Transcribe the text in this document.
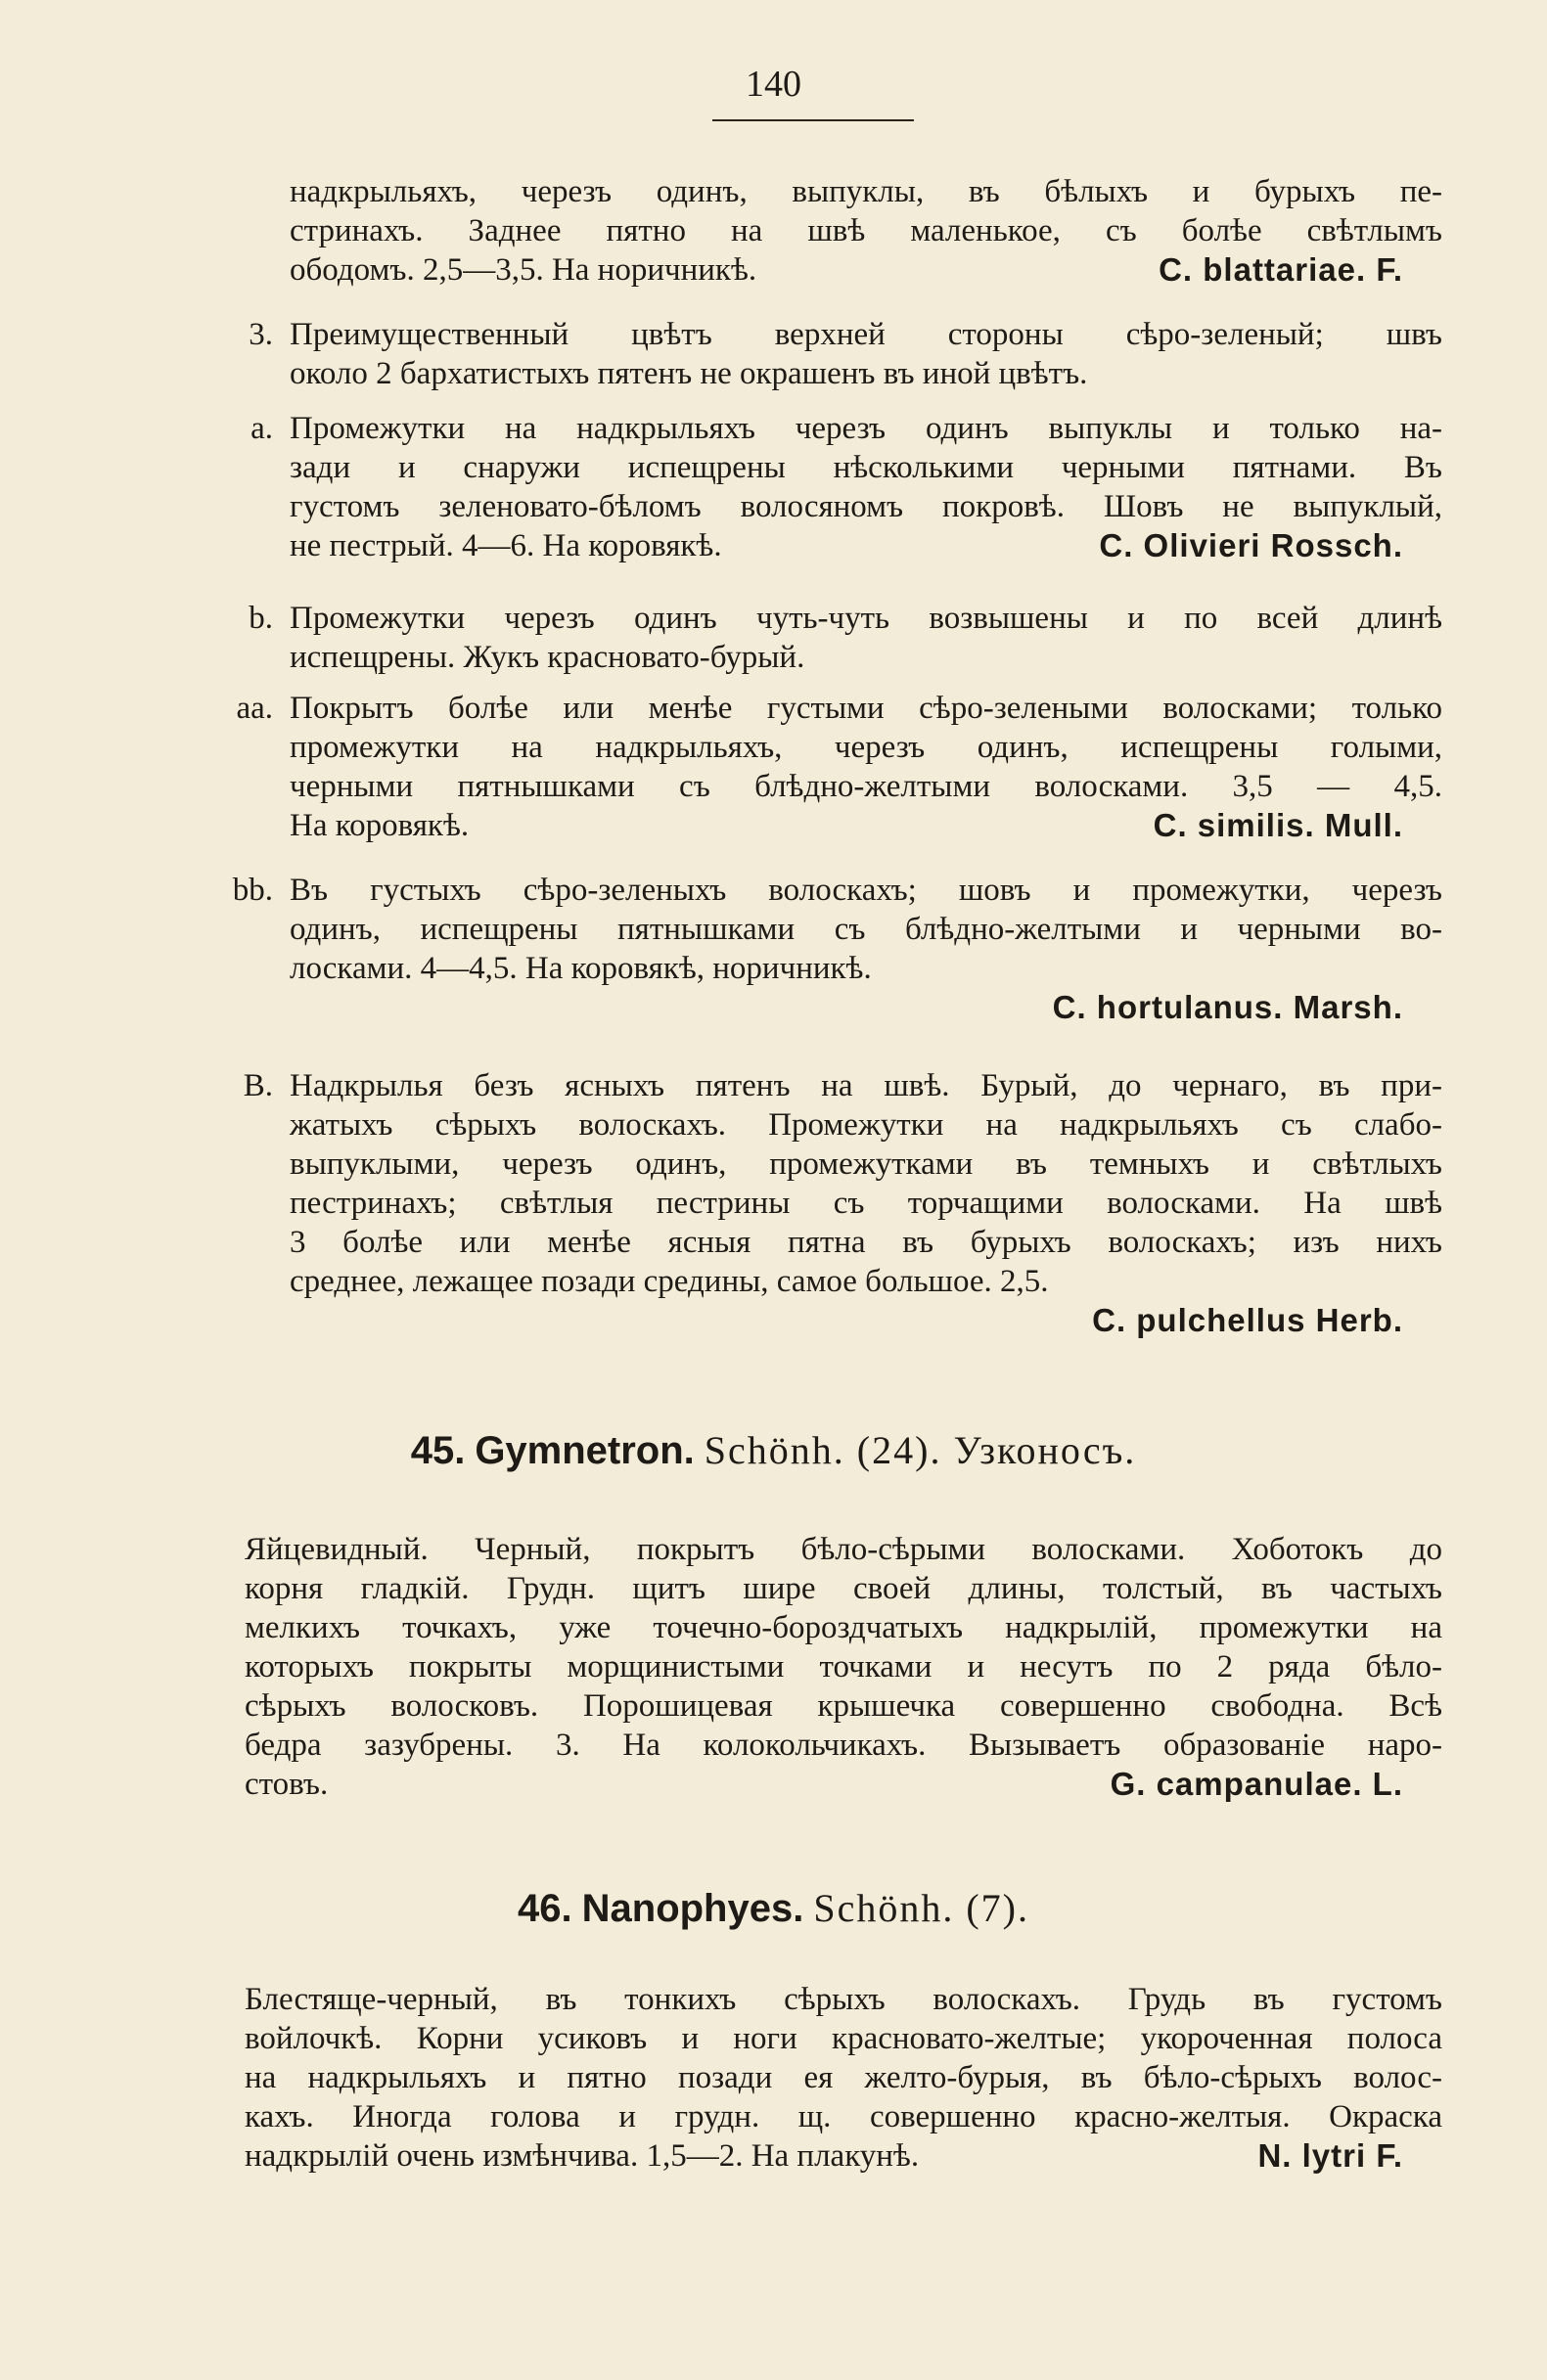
140
надкрыльяхъ, черезъ одинъ, выпуклы, въ бѣлыхъ и бурыхъ пе-
стринахъ. Заднее пятно на швѣ маленькое, съ болѣе свѣтлымъ
ободомъ. 2,5—3,5. На норичникѣ.	C. blattariae. F.
3. Преимущественный цвѣтъ верхней стороны сѣро-зеленый; швъ
около 2 бархатистыхъ пятенъ не окрашенъ въ иной цвѣтъ.
a. Промежутки на надкрыльяхъ черезъ одинъ выпуклы и только на-
зади и снаружи испещрены нѣсколькими черными пятнами. Въ
густомъ зеленовато-бѣломъ волосяномъ покровѣ. Шовъ не выпуклый,
не пестрый. 4—6. На коровякѣ.	C. Olivieri Rossch.
b. Промежутки черезъ одинъ чуть-чуть возвышены и по всей длинѣ
испещрены. Жукъ красновато-бурый.
aa. Покрытъ болѣе или менѣе густыми сѣро-зелеными волосками; только
промежутки на надкрыльяхъ, черезъ одинъ, испещрены голыми,
черными пятнышками съ блѣдно-желтыми волосками. 3,5 — 4,5.
На коровякѣ.	C. similis. Mull.
bb. Въ густыхъ сѣро-зеленыхъ волоскахъ; шовъ и промежутки, черезъ
одинъ, испещрены пятнышками съ блѣдно-желтыми и черными во-
лосками. 4—4,5. На коровякѣ, норичникѣ.
C. hortulanus. Marsh.
B. Надкрылья безъ ясныхъ пятенъ на швѣ. Бурый, до чернаго, въ при-
жатыхъ сѣрыхъ волоскахъ. Промежутки на надкрыльяхъ съ слабо-
выпуклыми, черезъ одинъ, промежутками въ темныхъ и свѣтлыхъ
пестринахъ; свѣтлыя пестрины съ торчащими волосками. На швѣ
3 болѣе или менѣе ясныя пятна въ бурыхъ волоскахъ; изъ нихъ
среднее, лежащее позади средины, самое большое. 2,5.
C. pulchellus Herb.
45. Gymnetron. Schönh. (24). Узконосъ.
Яйцевидный. Черный, покрытъ бѣло-сѣрыми волосками. Хоботокъ до
корня гладкій. Грудн. щитъ шире своей длины, толстый, въ частыхъ
мелкихъ точкахъ, уже точечно-бороздчатыхъ надкрылій, промежутки на
которыхъ покрыты морщинистыми точками и несутъ по 2 ряда бѣло-
сѣрыхъ волосковъ. Порошицевая крышечка совершенно свободна. Всѣ
бедра зазубрены. 3. На колокольчикахъ. Вызываетъ образованіе наро-
стовъ.	G. campanulae. L.
46. Nanophyes. Schönh. (7).
Блестяще-черный, въ тонкихъ сѣрыхъ волоскахъ. Грудь въ густомъ
войлочкѣ. Корни усиковъ и ноги красновато-желтые; укороченная полоса
на надкрыльяхъ и пятно позади ея желто-бурыя, въ бѣло-сѣрыхъ волос-
кахъ. Иногда голова и грудн. щ. совершенно красно-желтыя. Окраска
надкрылій очень измѣнчива. 1,5—2. На плакунѣ.	N. lytri F.
